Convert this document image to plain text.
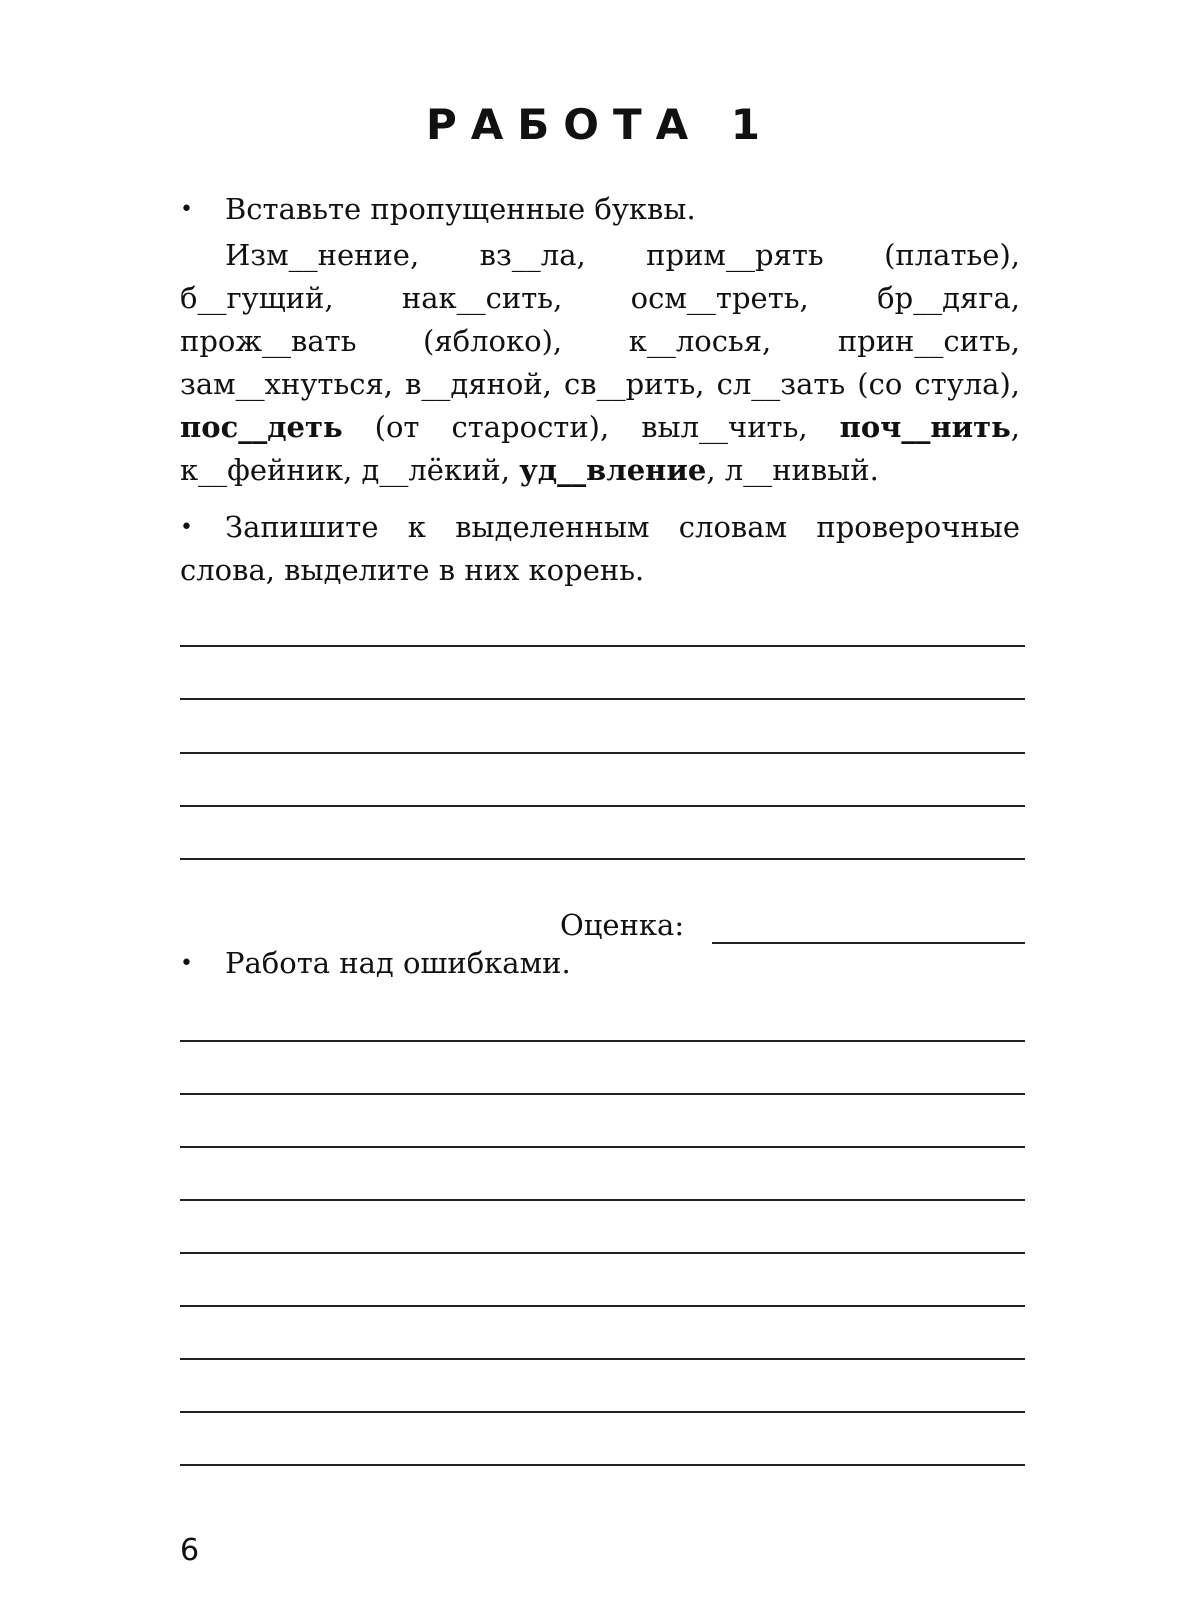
РАБОТА 1
• Вставьте пропущенные буквы.
Изм__нение, вз__ла, прим__рять (платье), б__гущий, нак__сить, осм__треть, бр__дяга, прож__вать (яблоко), к__лосья, прин__сить, зам__хнуться, в__дяной, св__рить, сл__зать (со стула), пос__деть (от старости), выл__чить, поч__нить, к__фейник, д__лёкий, уд__вление, л__нивый.
• Запишите к выделенным словам проверочные слова, выделите в них корень.
Оценка:
• Работа над ошибками.
6
